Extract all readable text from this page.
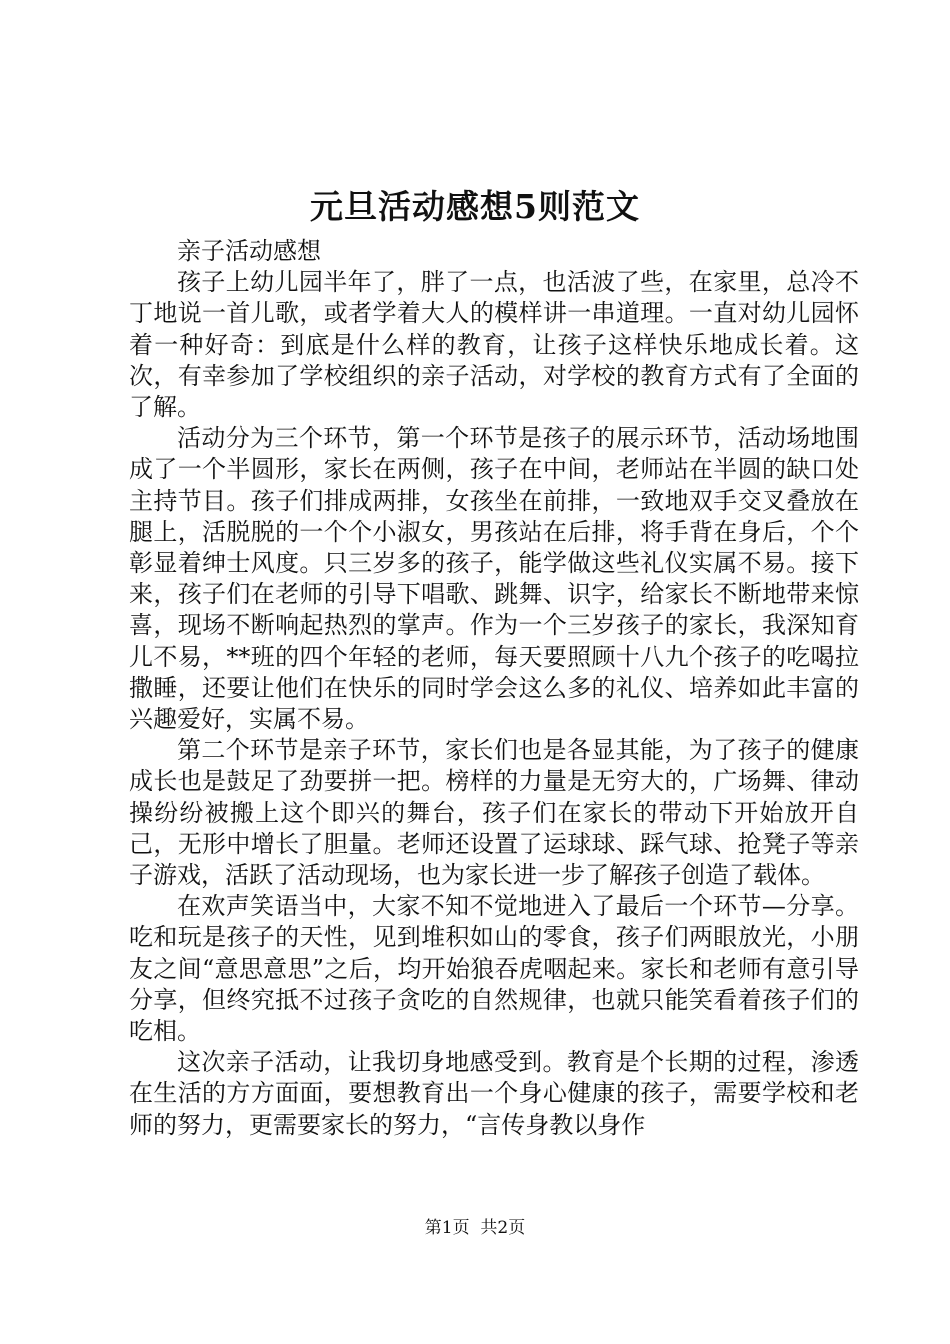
元旦活动感想5则范文

亲子活动感想

孩子上幼儿园半年了，胖了一点，也活波了些，在家里，总冷不丁地说一首儿歌，或者学着大人的模样讲一串道理。一直对幼儿园怀着一种好奇：到底是什么样的教育，让孩子这样快乐地成长着。这次，有幸参加了学校组织的亲子活动，对学校的教育方式有了全面的了解。

活动分为三个环节，第一个环节是孩子的展示环节，活动场地围成了一个半圆形，家长在两侧，孩子在中间，老师站在半圆的缺口处主持节目。孩子们排成两排，女孩坐在前排，一致地双手交叉叠放在腿上，活脱脱的一个个小淑女，男孩站在后排，将手背在身后，个个彰显着绅士风度。只三岁多的孩子，能学做这些礼仪实属不易。接下来，孩子们在老师的引导下唱歌、跳舞、识字，给家长不断地带来惊喜，现场不断响起热烈的掌声。作为一个三岁孩子的家长，我深知育儿不易，**班的四个年轻的老师，每天要照顾十八九个孩子的吃喝拉撒睡，还要让他们在快乐的同时学会这么多的礼仪、培养如此丰富的兴趣爱好，实属不易。

第二个环节是亲子环节，家长们也是各显其能，为了孩子的健康成长也是鼓足了劲要拼一把。榜样的力量是无穷大的，广场舞、律动操纷纷被搬上这个即兴的舞台，孩子们在家长的带动下开始放开自己，无形中增长了胆量。老师还设置了运球球、踩气球、抢凳子等亲子游戏，活跃了活动现场，也为家长进一步了解孩子创造了载体。

在欢声笑语当中，大家不知不觉地进入了最后一个环节—分享。吃和玩是孩子的天性，见到堆积如山的零食，孩子们两眼放光，小朋友之间“意思意思”之后，均开始狼吞虎咽起来。家长和老师有意引导分享，但终究抵不过孩子贪吃的自然规律，也就只能笑看着孩子们的吃相。

这次亲子活动，让我切身地感受到。教育是个长期的过程，渗透在生活的方方面面，要想教育出一个身心健康的孩子，需要学校和老师的努力，更需要家长的努力，“言传身教以身作

第1页 共2页
